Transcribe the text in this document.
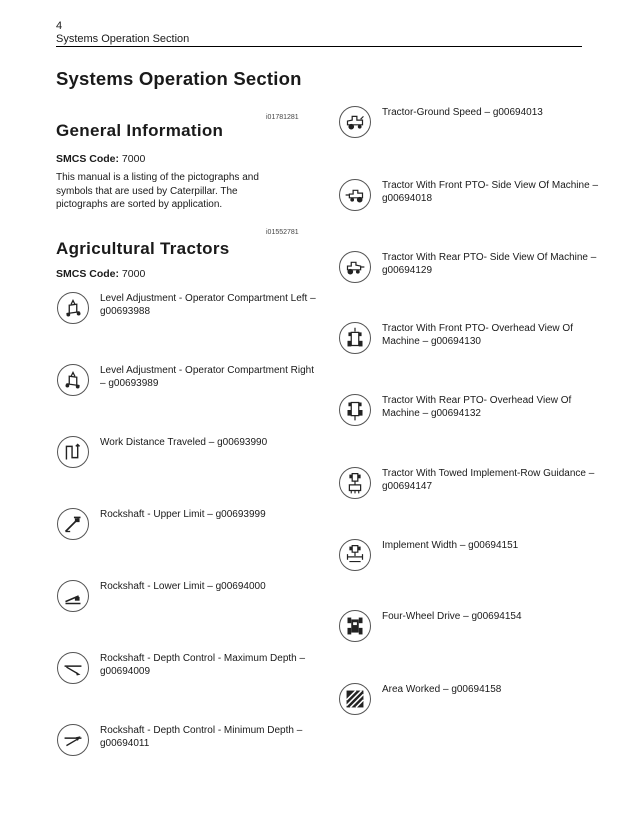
4
Systems Operation Section
Systems Operation Section
i01781281
General Information
SMCS Code: 7000
This manual is a listing of the pictographs and symbols that are used by Caterpillar. The pictographs are sorted by application.
i01552781
Agricultural Tractors
SMCS Code: 7000
Level Adjustment - Operator Compartment Left – g00693988
Level Adjustment - Operator Compartment Right – g00693989
Work Distance Traveled – g00693990
Rockshaft - Upper Limit – g00693999
Rockshaft - Lower Limit – g00694000
Rockshaft - Depth Control - Maximum Depth – g00694009
Rockshaft - Depth Control - Minimum Depth – g00694011
Tractor-Ground Speed – g00694013
Tractor With Front PTO- Side View Of Machine – g00694018
Tractor With Rear PTO- Side View Of Machine – g00694129
Tractor With Front PTO- Overhead View Of Machine – g00694130
Tractor With Rear PTO- Overhead View Of Machine – g00694132
Tractor With Towed Implement-Row Guidance – g00694147
Implement Width – g00694151
Four-Wheel Drive – g00694154
Area Worked – g00694158
